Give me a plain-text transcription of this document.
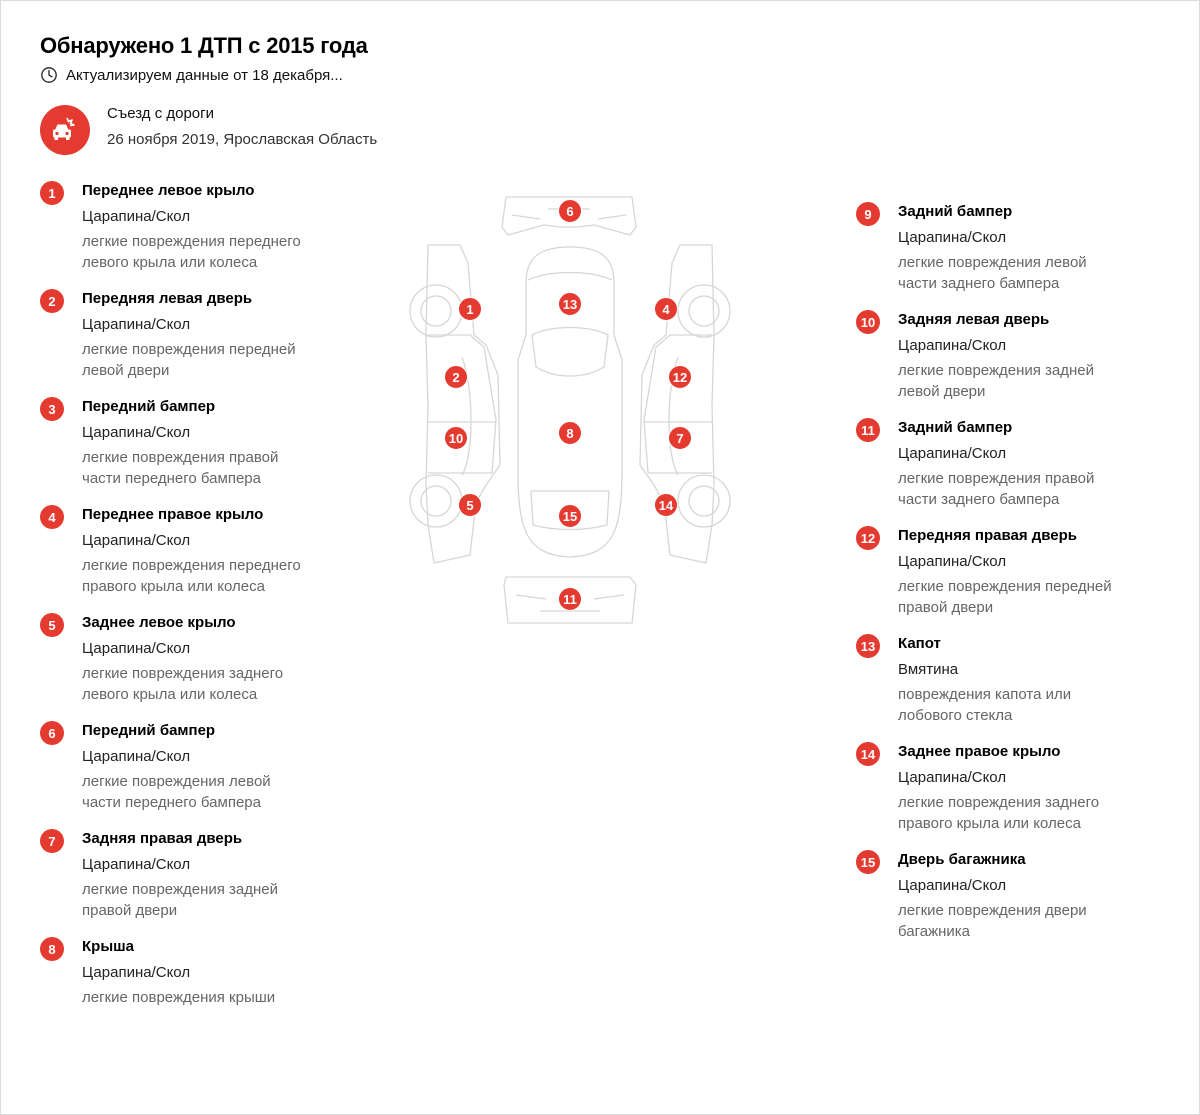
Обнаружено 1 ДТП с 2015 года
Актуализируем данные от 18 декабря...
Съезд с дороги
26 ноября 2019, Ярославская Область
1	Переднее левое крыло
Царапина/Скол
легкие повреждения переднего левого крыла или колеса
2	Передняя левая дверь
Царапина/Скол
легкие повреждения передней левой двери
3	Передний бампер
Царапина/Скол
легкие повреждения правой части переднего бампера
4	Переднее правое крыло
Царапина/Скол
легкие повреждения переднего правого крыла или колеса
5	Заднее левое крыло
Царапина/Скол
легкие повреждения заднего левого крыла или колеса
6	Передний бампер
Царапина/Скол
легкие повреждения левой части переднего бампера
7	Задняя правая дверь
Царапина/Скол
легкие повреждения задней правой двери
8	Крыша
Царапина/Скол
легкие повреждения крыши
9	Задний бампер
Царапина/Скол
легкие повреждения левой части заднего бампера
10	Задняя левая дверь
Царапина/Скол
легкие повреждения задней левой двери
11	Задний бампер
Царапина/Скол
легкие повреждения правой части заднего бампера
12	Передняя правая дверь
Царапина/Скол
легкие повреждения передней правой двери
13	Капот
Вмятина
повреждения капота или лобового стекла
14	Заднее правое крыло
Царапина/Скол
легкие повреждения заднего правого крыла или колеса
15	Дверь багажника
Царапина/Скол
легкие повреждения двери багажника
6
1	13	4
2	12
10	8	7
5
15
14
11
